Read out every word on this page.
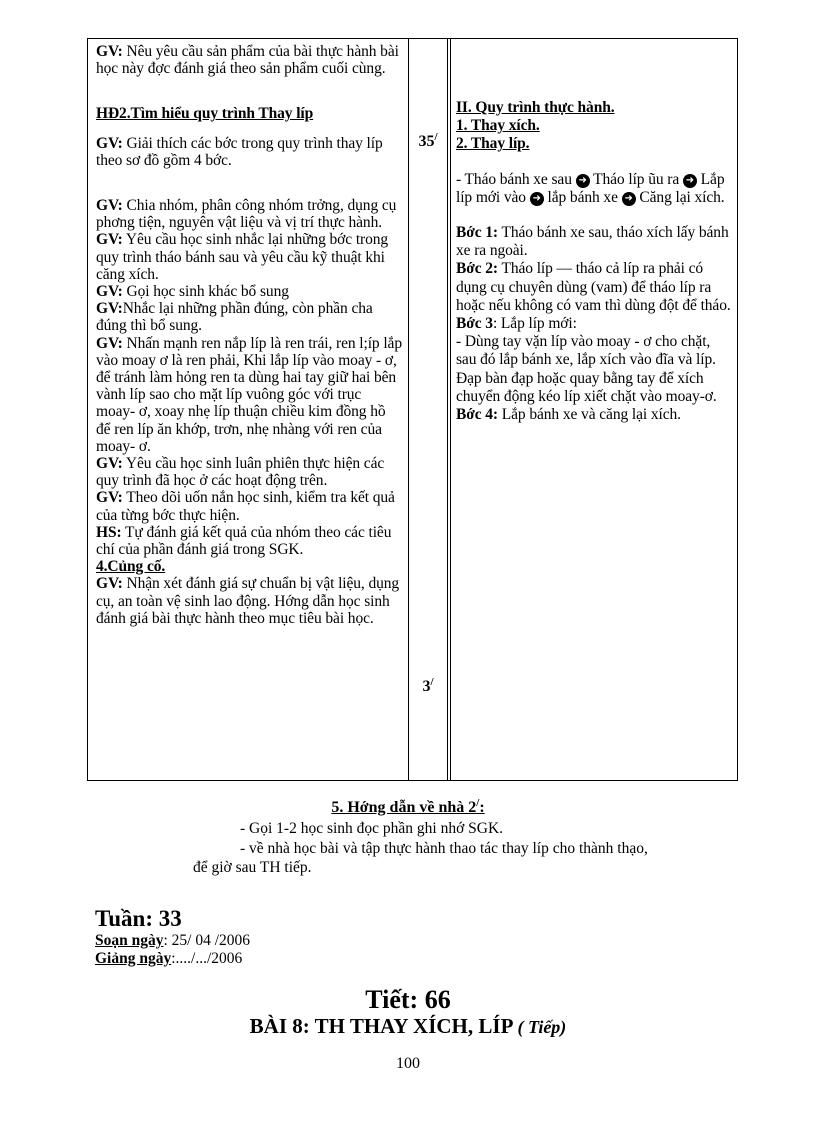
GV: Nêu yêu cầu sản phẩm của bài thực hành bài học này đợc đánh giá theo sản phẩm cuối cùng.

HĐ2.Tìm hiểu quy trình Thay líp

GV: Giải thích các bớc trong quy trình thay líp theo sơ đồ gồm 4 bớc.

GV: Chia nhóm, phân công nhóm trởng, dụng cụ phơng tiện, nguyên vật liệu và vị trí thực hành.

GV: Yêu cầu học sinh nhắc lại những bớc trong quy trình tháo bánh sau và yêu cầu kỹ thuật khi căng xích.

GV: Gọi học sinh khác bổ sung

GV:Nhắc lại những phần đúng, còn phần cha đúng thì bổ sung.

GV: Nhấn mạnh ren nắp líp là ren trái, ren l;íp lắp vào moay ơ là ren phải, Khi lắp líp vào moay - ơ, để tránh làm hỏng ren ta dùng hai tay giữ hai bên vành líp sao cho mặt líp vuông góc với trục moay- ơ, xoay nhẹ líp thuận chiều kim đồng hồ để ren líp ăn khớp, trơn, nhẹ nhàng với ren của moay- ơ.

GV: Yêu cầu học sinh luân phiên thực hiện các quy trình đã học ở các hoạt động trên.

GV: Theo dõi uốn nắn học sinh, kiểm tra kết quả của từng bớc thực hiện.

HS: Tự đánh giá kết quả của nhóm theo các tiêu chí của phần đánh giá trong SGK.

4.Củng cố.

GV: Nhận xét đánh giá sự chuẩn bị vật liệu, dụng cụ, an toàn vệ sinh lao động. Hớng dẫn học sinh đánh giá bài thực hành theo mục tiêu bài học.

35/
3/

II. Quy trình thực hành.

1. Thay xích.

2. Thay líp.

- Tháo bánh xe sau ➜ Tháo líp ũu ra ➜ Lắp líp mới vào ➜ lắp bánh xe ➜ Căng lại xích.

Bớc 1: Tháo bánh xe sau, tháo xích lấy bánh xe ra ngoài.

Bớc 2: Tháo líp — tháo cả líp ra phải có dụng cụ chuyên dùng (vam) để tháo líp ra hoặc nếu không có vam thì dùng đột để tháo.

Bớc 3: Lắp líp mới:

- Dùng tay vặn líp vào moay - ơ cho chặt, sau đó lắp bánh xe, lắp xích vào đĩa và líp. Đạp bàn đạp hoặc quay bằng tay để xích chuyển động kéo líp xiết chặt vào moay-ơ.

Bớc 4: Lắp bánh xe và căng lại xích.

5. Hớng dẫn về nhà 2/:
- Gọi 1-2 học sinh đọc phần ghi nhớ SGK.
- về nhà học bài và tập thực hành thao tác thay líp cho thành thạo,
để giờ sau TH tiếp.
Tuần: 33
Soạn ngày: 25/ 04 /2006
Giảng ngày:..../.../2006
Tiết: 66
BÀI 8: TH THAY XÍCH, LÍP ( Tiếp)
100
